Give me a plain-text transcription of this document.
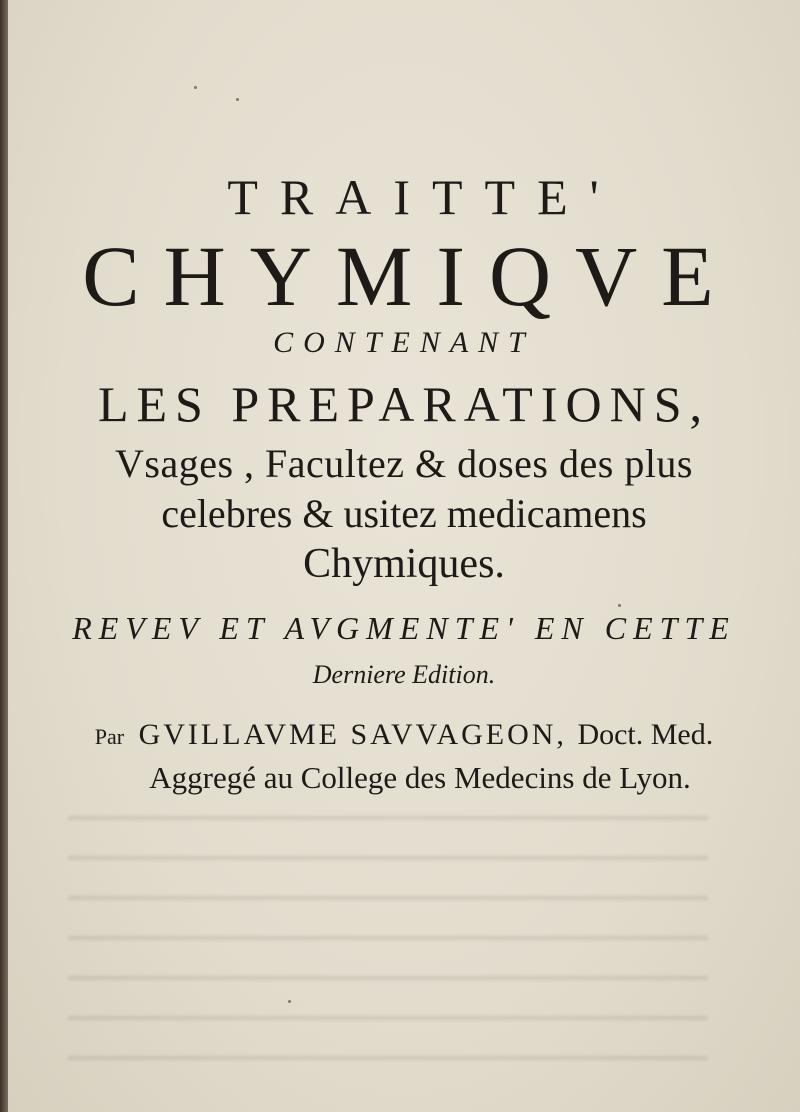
TRAITTE'
CHYMIQVE
CONTENANT
LES PREPARATIONS,
Vsages , Facultez & doses des plus
celebres & usitez medicamens
Chymiques.
REVEV ET AVGMENTE' EN CETTE
Derniere Edition.
Par GVILLAVME SAVVAGEON, Doct. Med.
Aggregé au College des Medecins de Lyon.
